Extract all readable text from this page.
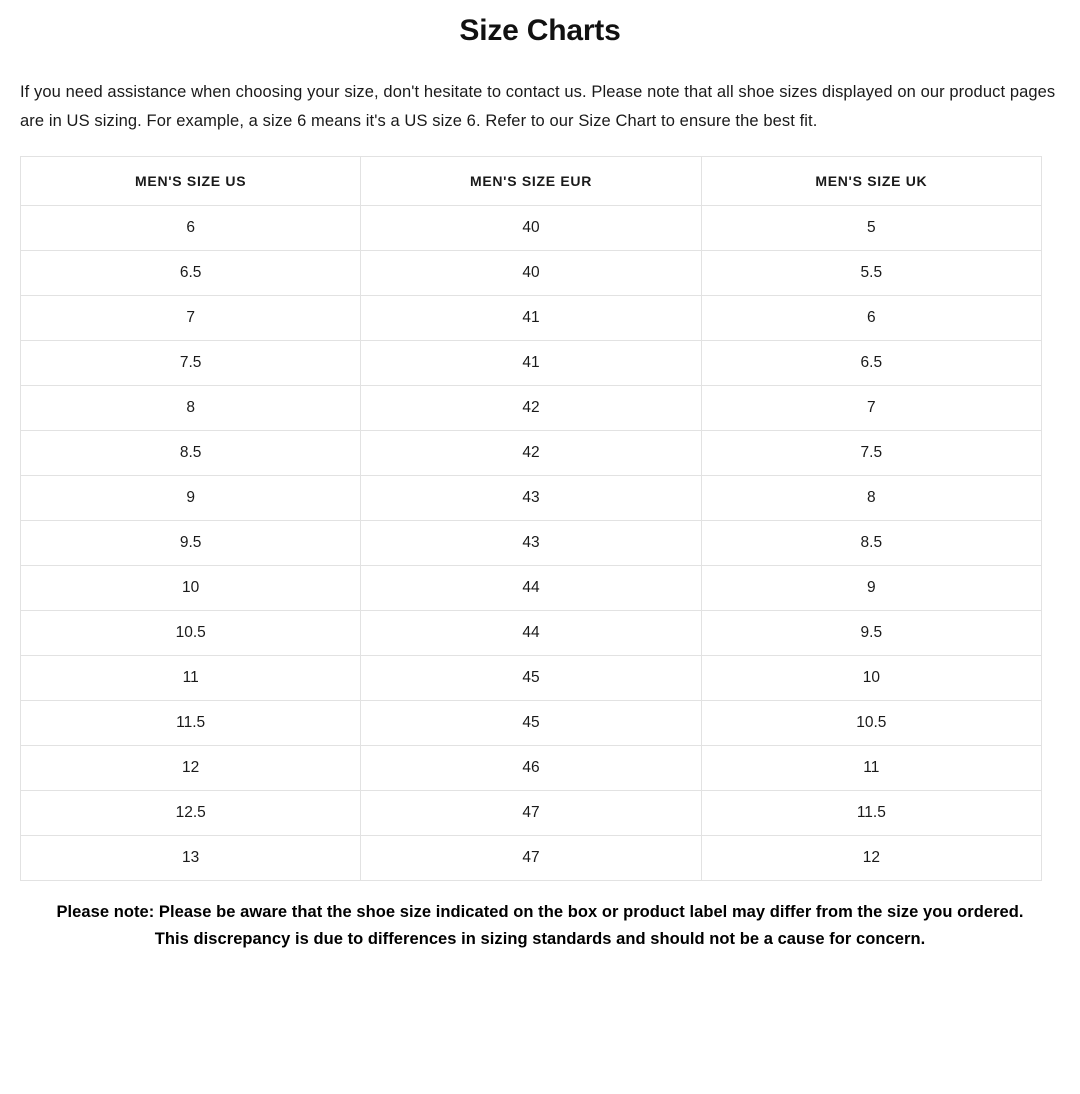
Size Charts

If you need assistance when choosing your size, don't hesitate to contact us. Please note that all shoe sizes displayed on our product pages are in US sizing. For example, a size 6 means it's a US size 6. Refer to our Size Chart to ensure the best fit.

MEN'S SIZE US	MEN'S SIZE EUR	MEN'S SIZE UK
6	40	5
6.5	40	5.5
7	41	6
7.5	41	6.5
8	42	7
8.5	42	7.5
9	43	8
9.5	43	8.5
10	44	9
10.5	44	9.5
11	45	10
11.5	45	10.5
12	46	11
12.5	47	11.5
13	47	12

Please note: Please be aware that the shoe size indicated on the box or product label may differ from the size you ordered. This discrepancy is due to differences in sizing standards and should not be a cause for concern.
